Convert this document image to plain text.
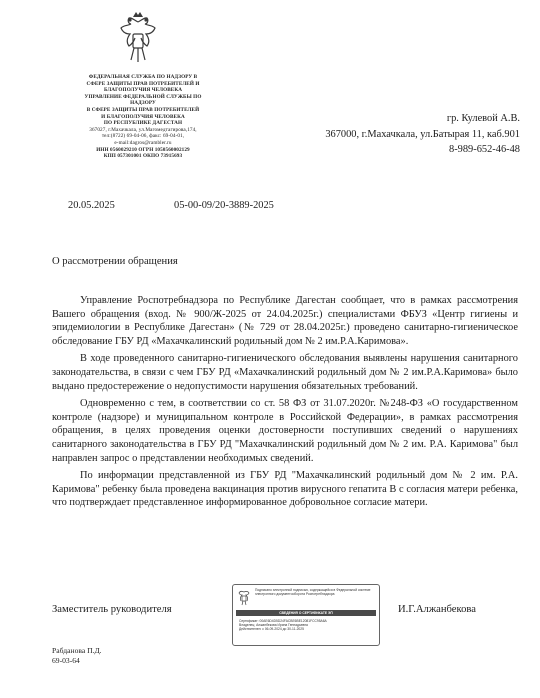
ФЕДЕРАЛЬНАЯ СЛУЖБА ПО НАДЗОРУ В
СФЕРЕ ЗАЩИТЫ ПРАВ ПОТРЕБИТЕЛЕЙ И
БЛАГОПОЛУЧИЯ ЧЕЛОВЕКА
УПРАВЛЕНИЕ ФЕДЕРАЛЬНОЙ СЛУЖБЫ ПО
НАДЗОРУ
В СФЕРЕ ЗАЩИТЫ ПРАВ ПОТРЕБИТЕЛЕЙ
И БЛАГОПОЛУЧИЯ ЧЕЛОВЕКА
ПО РЕСПУБЛИКЕ ДАГЕСТАН
367027, г.Махачкала, ул.Магомедтагирова,174,
тел:(8722) 69-04-06, факс: 69-04-01,
e-mail:dagros@rambler.ru
ИНН 0560029210 ОГРН 1050560002129
КПП 057301001 ОКПО 73915693
гр. Кулевой А.В.
367000, г.Махачкала, ул.Батырая 11, каб.901
8-989-652-46-48
20.05.2025	05-00-09/20-3889-2025
О рассмотрении обращения

Управление Роспотребнадзора по Республике Дагестан сообщает, что в рамках рассмотрения Вашего обращения (вход. № 900/Ж-2025 от 24.04.2025г.) специалистами ФБУЗ «Центр гигиены и эпидемиологии в Республике Дагестан» (№ 729 от 28.04.2025г.) проведено санитарно-гигиеническое обследование ГБУ РД «Махачкалинский родильный дом № 2 им.Р.А.Каримова».

В ходе проведенного санитарно-гигиенического обследования выявлены нарушения санитарного законодательства, в связи с чем ГБУ РД «Махачкалинский родильный дом № 2 им.Р.А.Каримова» было выдано предостережение о недопустимости нарушения обязательных требований.

Одновременно с тем, в соответствии со ст. 58 ФЗ от 31.07.2020г. №248-ФЗ «О государственном контроле (надзоре) и муниципальном контроле в Российской Федерации», в рамках рассмотрения обращения, в целях проведения оценки достоверности поступивших сведений о нарушениях санитарного законодательства в ГБУ РД "Махачкалинский родильный дом № 2 им. Р.А. Каримова" был направлен запрос о представлении необходимых сведений.

По информации представленной из ГБУ РД "Махачкалинский родильный дом № 2 им. Р.А. Каримова" ребенку была проведена вакцинация против вирусного гепатита В с согласия матери ребенка, что подтверждает представленное информированное добровольное согласие матери.

Заместитель руководителя
Подписано электронной подписью, содержащейся в Федеральной системе электронного документооборота Роспотребнадзора
СВЕДЕНИЯ О СЕРТИФИКАТЕ ЭП
Сертификат: 00AE6D4D5D24FACBE6BE12081FCC95A6A
Владелец: Алжанбекова Ирина Геннадьевна
Действителен: с 06-09-2024 до 30-11-2025
И.Г.Алжанбекова
Рабданова П.Д.
69-03-64
